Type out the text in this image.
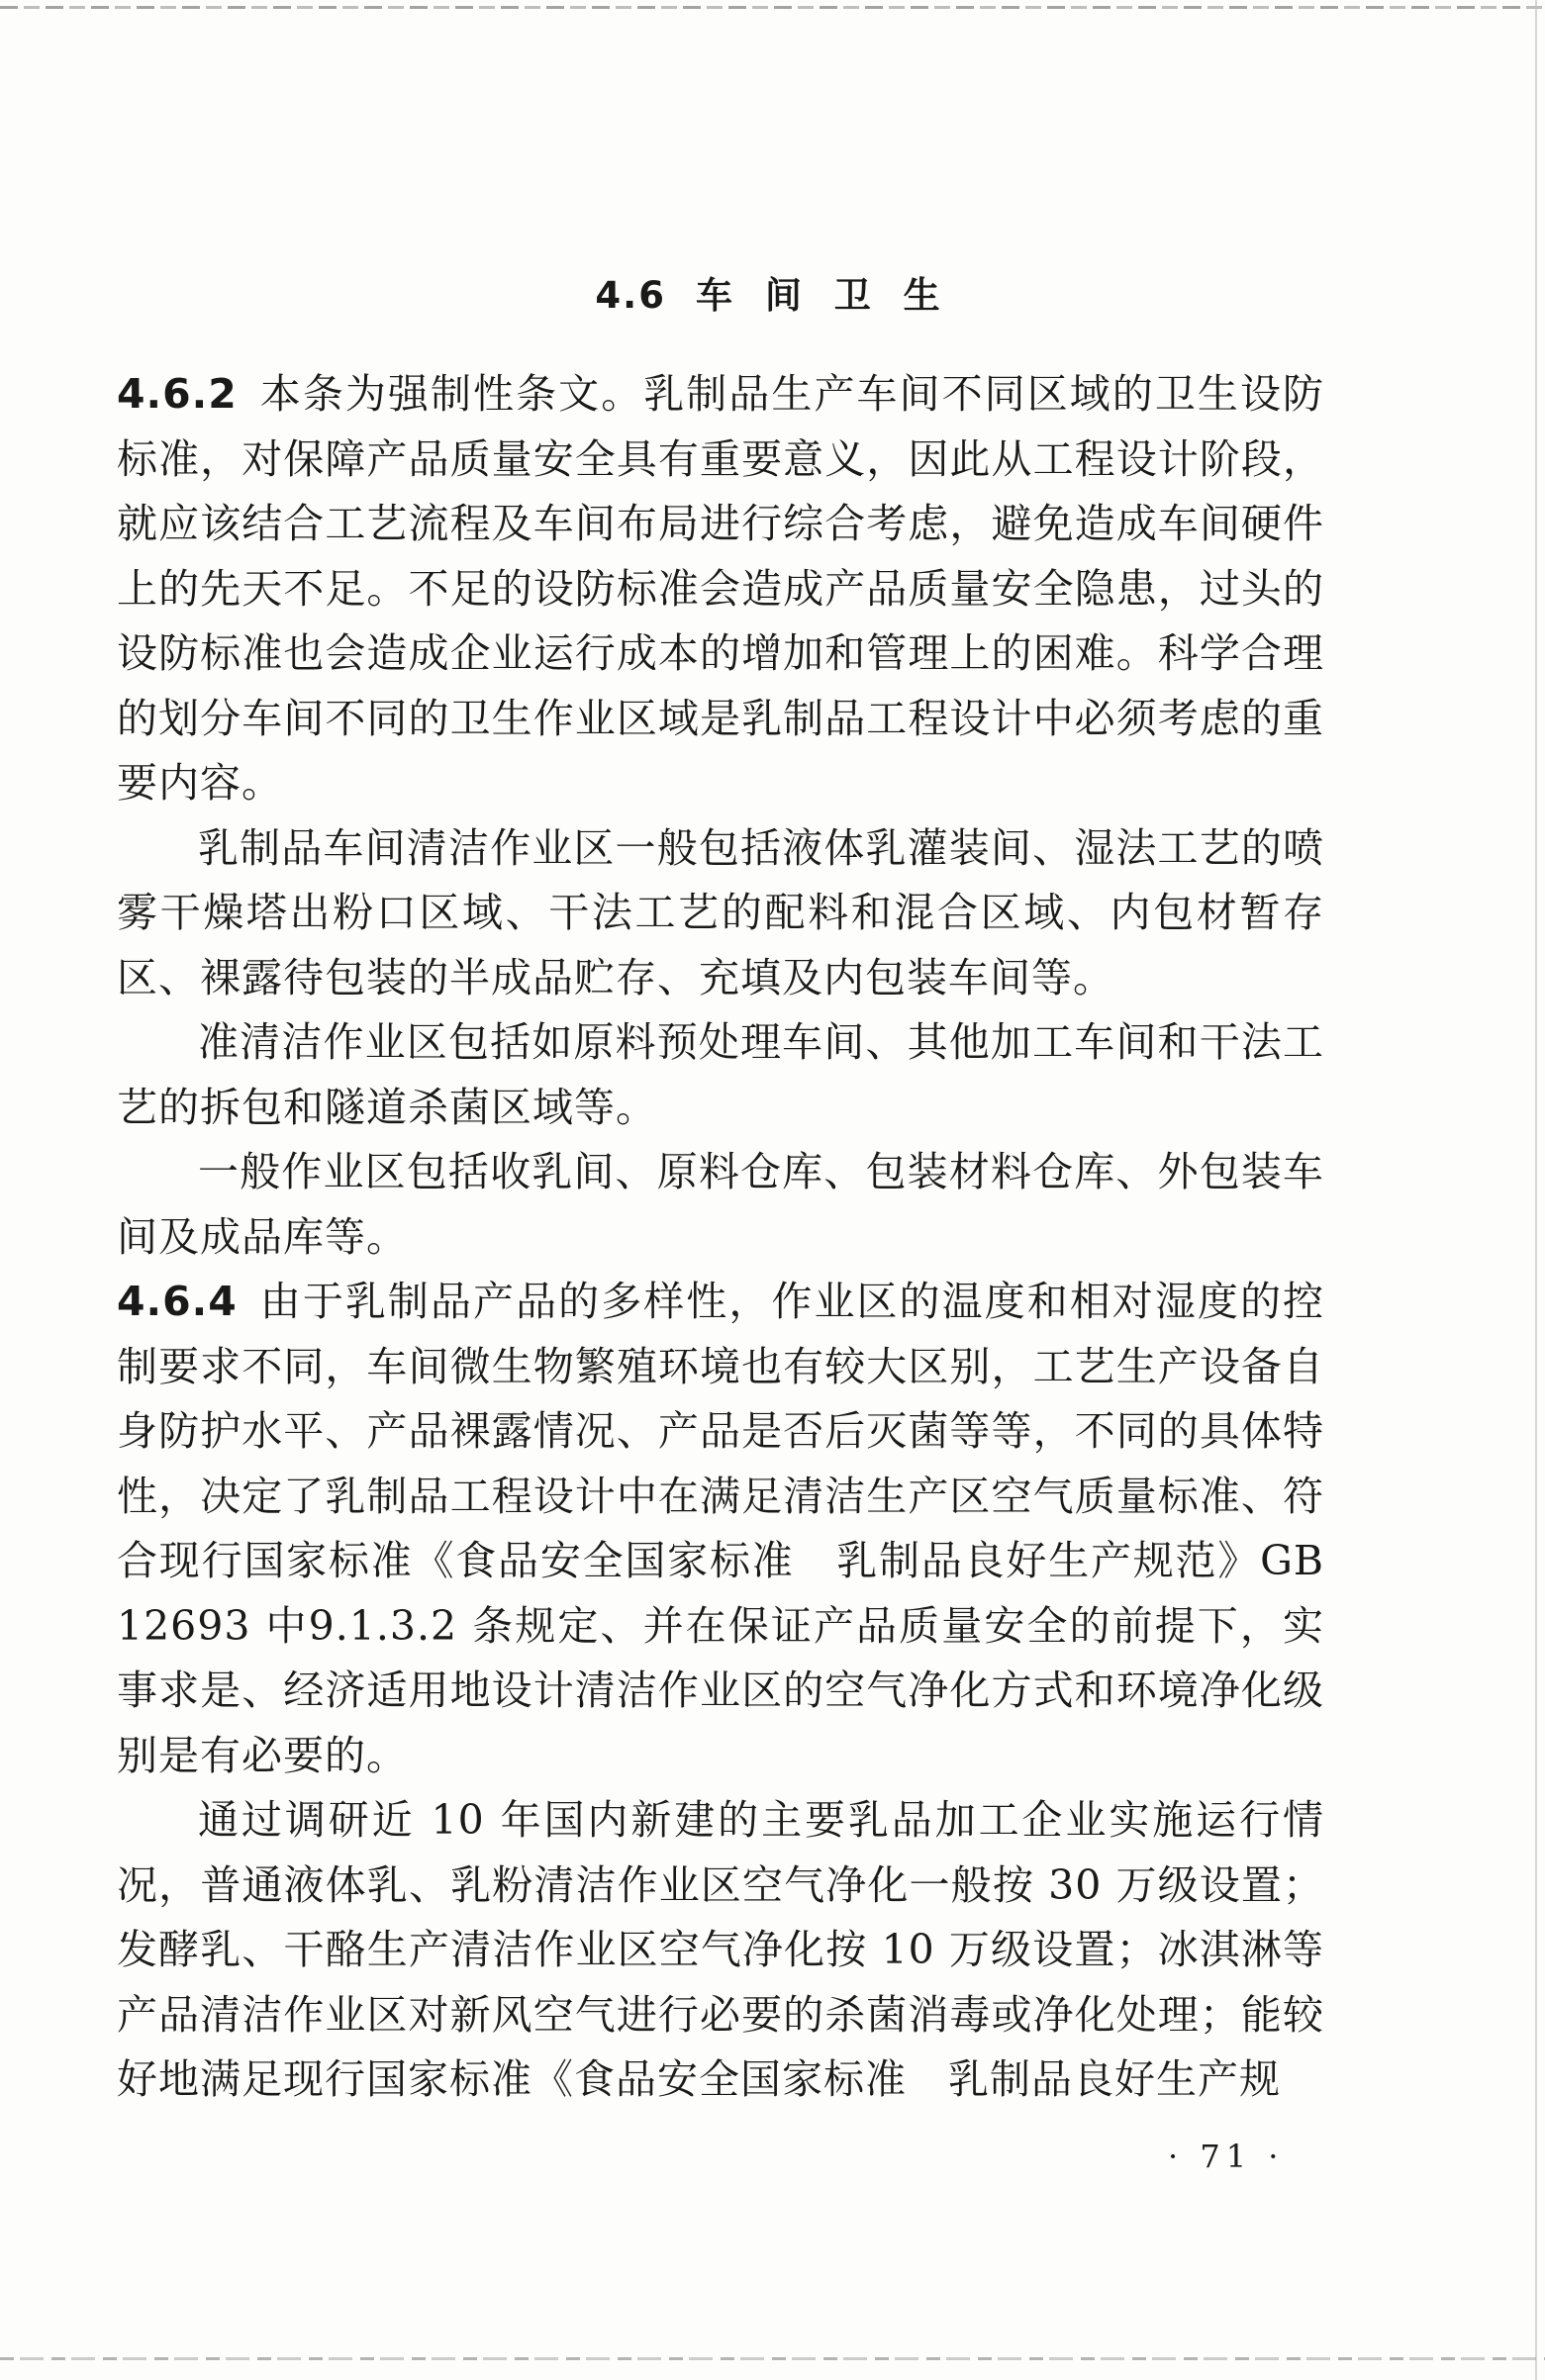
4.6 车 间 卫 生

4.6.2 本条为强制性条文。乳制品生产车间不同区域的卫生设防标准，对保障产品质量安全具有重要意义，因此从工程设计阶段，就应该结合工艺流程及车间布局进行综合考虑，避免造成车间硬件上的先天不足。不足的设防标准会造成产品质量安全隐患，过头的设防标准也会造成企业运行成本的增加和管理上的困难。科学合理的划分车间不同的卫生作业区域是乳制品工程设计中必须考虑的重要内容。

乳制品车间清洁作业区一般包括液体乳灌装间、湿法工艺的喷雾干燥塔出粉口区域、干法工艺的配料和混合区域、内包材暂存区、裸露待包装的半成品贮存、充填及内包装车间等。

准清洁作业区包括如原料预处理车间、其他加工车间和干法工艺的拆包和隧道杀菌区域等。

一般作业区包括收乳间、原料仓库、包装材料仓库、外包装车间及成品库等。

4.6.4 由于乳制品产品的多样性，作业区的温度和相对湿度的控制要求不同，车间微生物繁殖环境也有较大区别，工艺生产设备自身防护水平、产品裸露情况、产品是否后灭菌等等，不同的具体特性，决定了乳制品工程设计中在满足清洁生产区空气质量标准、符合现行国家标准《食品安全国家标准　乳制品良好生产规范》GB 12693 中9.1.3.2 条规定、并在保证产品质量安全的前提下，实事求是、经济适用地设计清洁作业区的空气净化方式和环境净化级别是有必要的。

通过调研近 10 年国内新建的主要乳品加工企业实施运行情况，普通液体乳、乳粉清洁作业区空气净化一般按 30 万级设置；发酵乳、干酪生产清洁作业区空气净化按 10 万级设置；冰淇淋等产品清洁作业区对新风空气进行必要的杀菌消毒或净化处理；能较好地满足现行国家标准《食品安全国家标准　乳制品良好生产规

· 71 ·
